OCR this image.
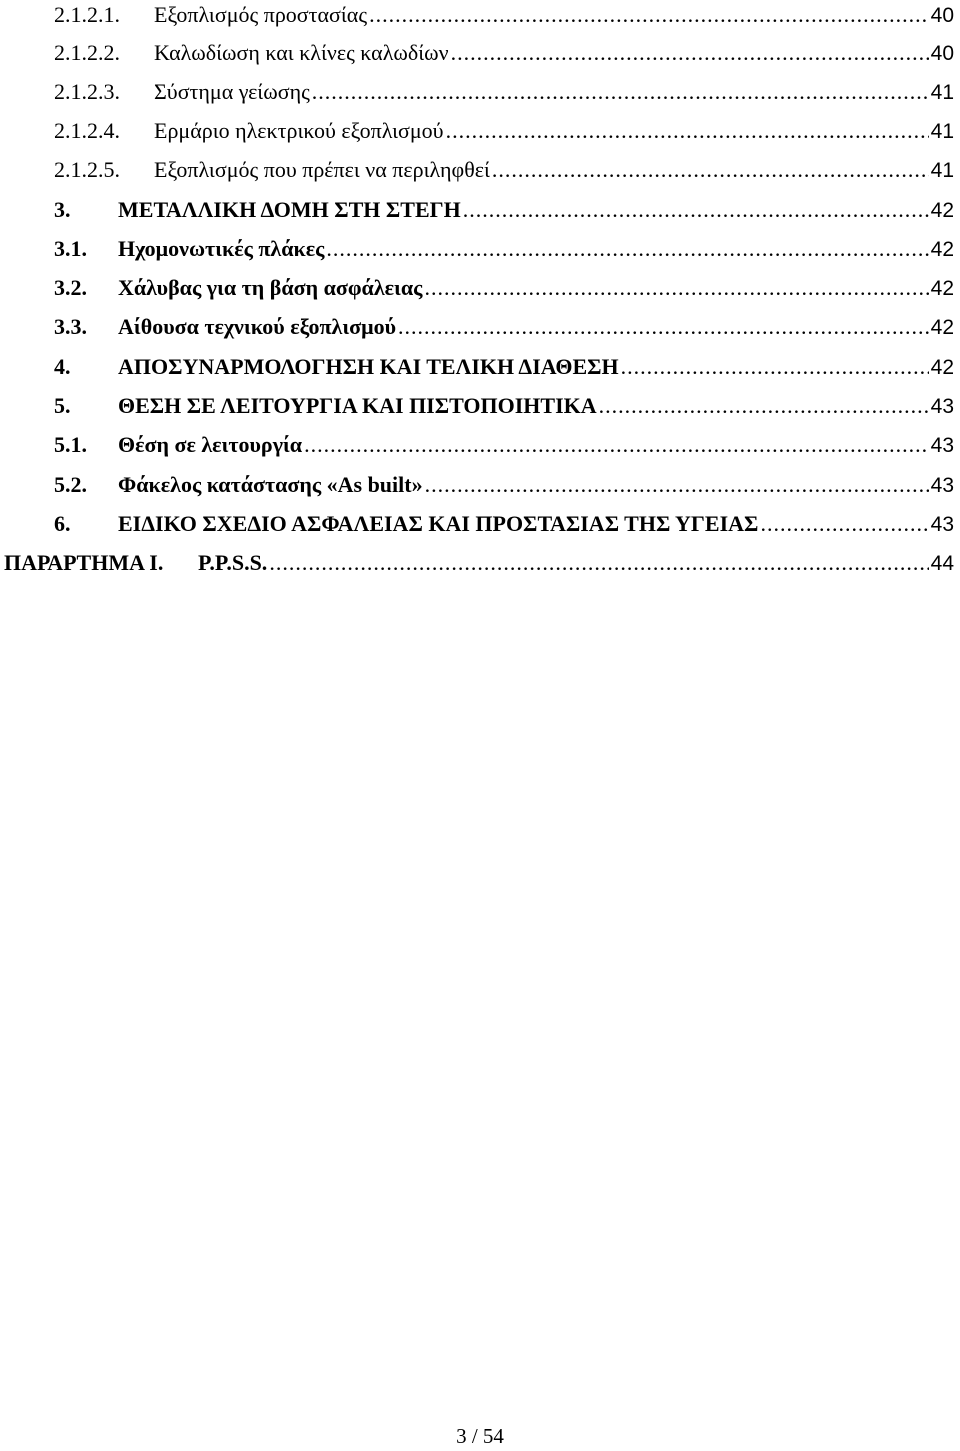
2.1.2.1.	Εξοπλισμός προστασίας .....	40
2.1.2.2.	Καλωδίωση και κλίνες καλωδίων .....	40
2.1.2.3.	Σύστημα γείωσης .....	41
2.1.2.4.	Ερμάριο ηλεκτρικού εξοπλισμού .....	41
2.1.2.5.	Εξοπλισμός που πρέπει να περιληφθεί .....	41
3.	ΜΕΤΑΛΛΙΚΗ ΔΟΜΗ ΣΤΗ ΣΤΕΓΗ .....	42
3.1.	Ηχομονωτικές πλάκες .....	42
3.2.	Χάλυβας για τη βάση ασφάλειας .....	42
3.3.	Αίθουσα τεχνικού εξοπλισμού .....	42
4.	ΑΠΟΣΥΝΑΡΜΟΛΟΓΗΣΗ ΚΑΙ ΤΕΛΙΚΗ ΔΙΑΘΕΣΗ .....	42
5.	ΘΕΣΗ ΣΕ ΛΕΙΤΟΥΡΓΙΑ ΚΑΙ ΠΙΣΤΟΠΟΙΗΤΙΚΑ .....	43
5.1.	Θέση σε λειτουργία .....	43
5.2.	Φάκελος κατάστασης «As built» .....	43
6.	ΕΙΔΙΚΟ ΣΧΕΔΙΟ ΑΣΦΑΛΕΙΑΣ ΚΑΙ ΠΡΟΣΤΑΣΙΑΣ ΤΗΣ ΥΓΕΙΑΣ .....	43
ΠΑΡΑΡΤΗΜΑ Ι.	P.P.S.S. .....	44
3 / 54
